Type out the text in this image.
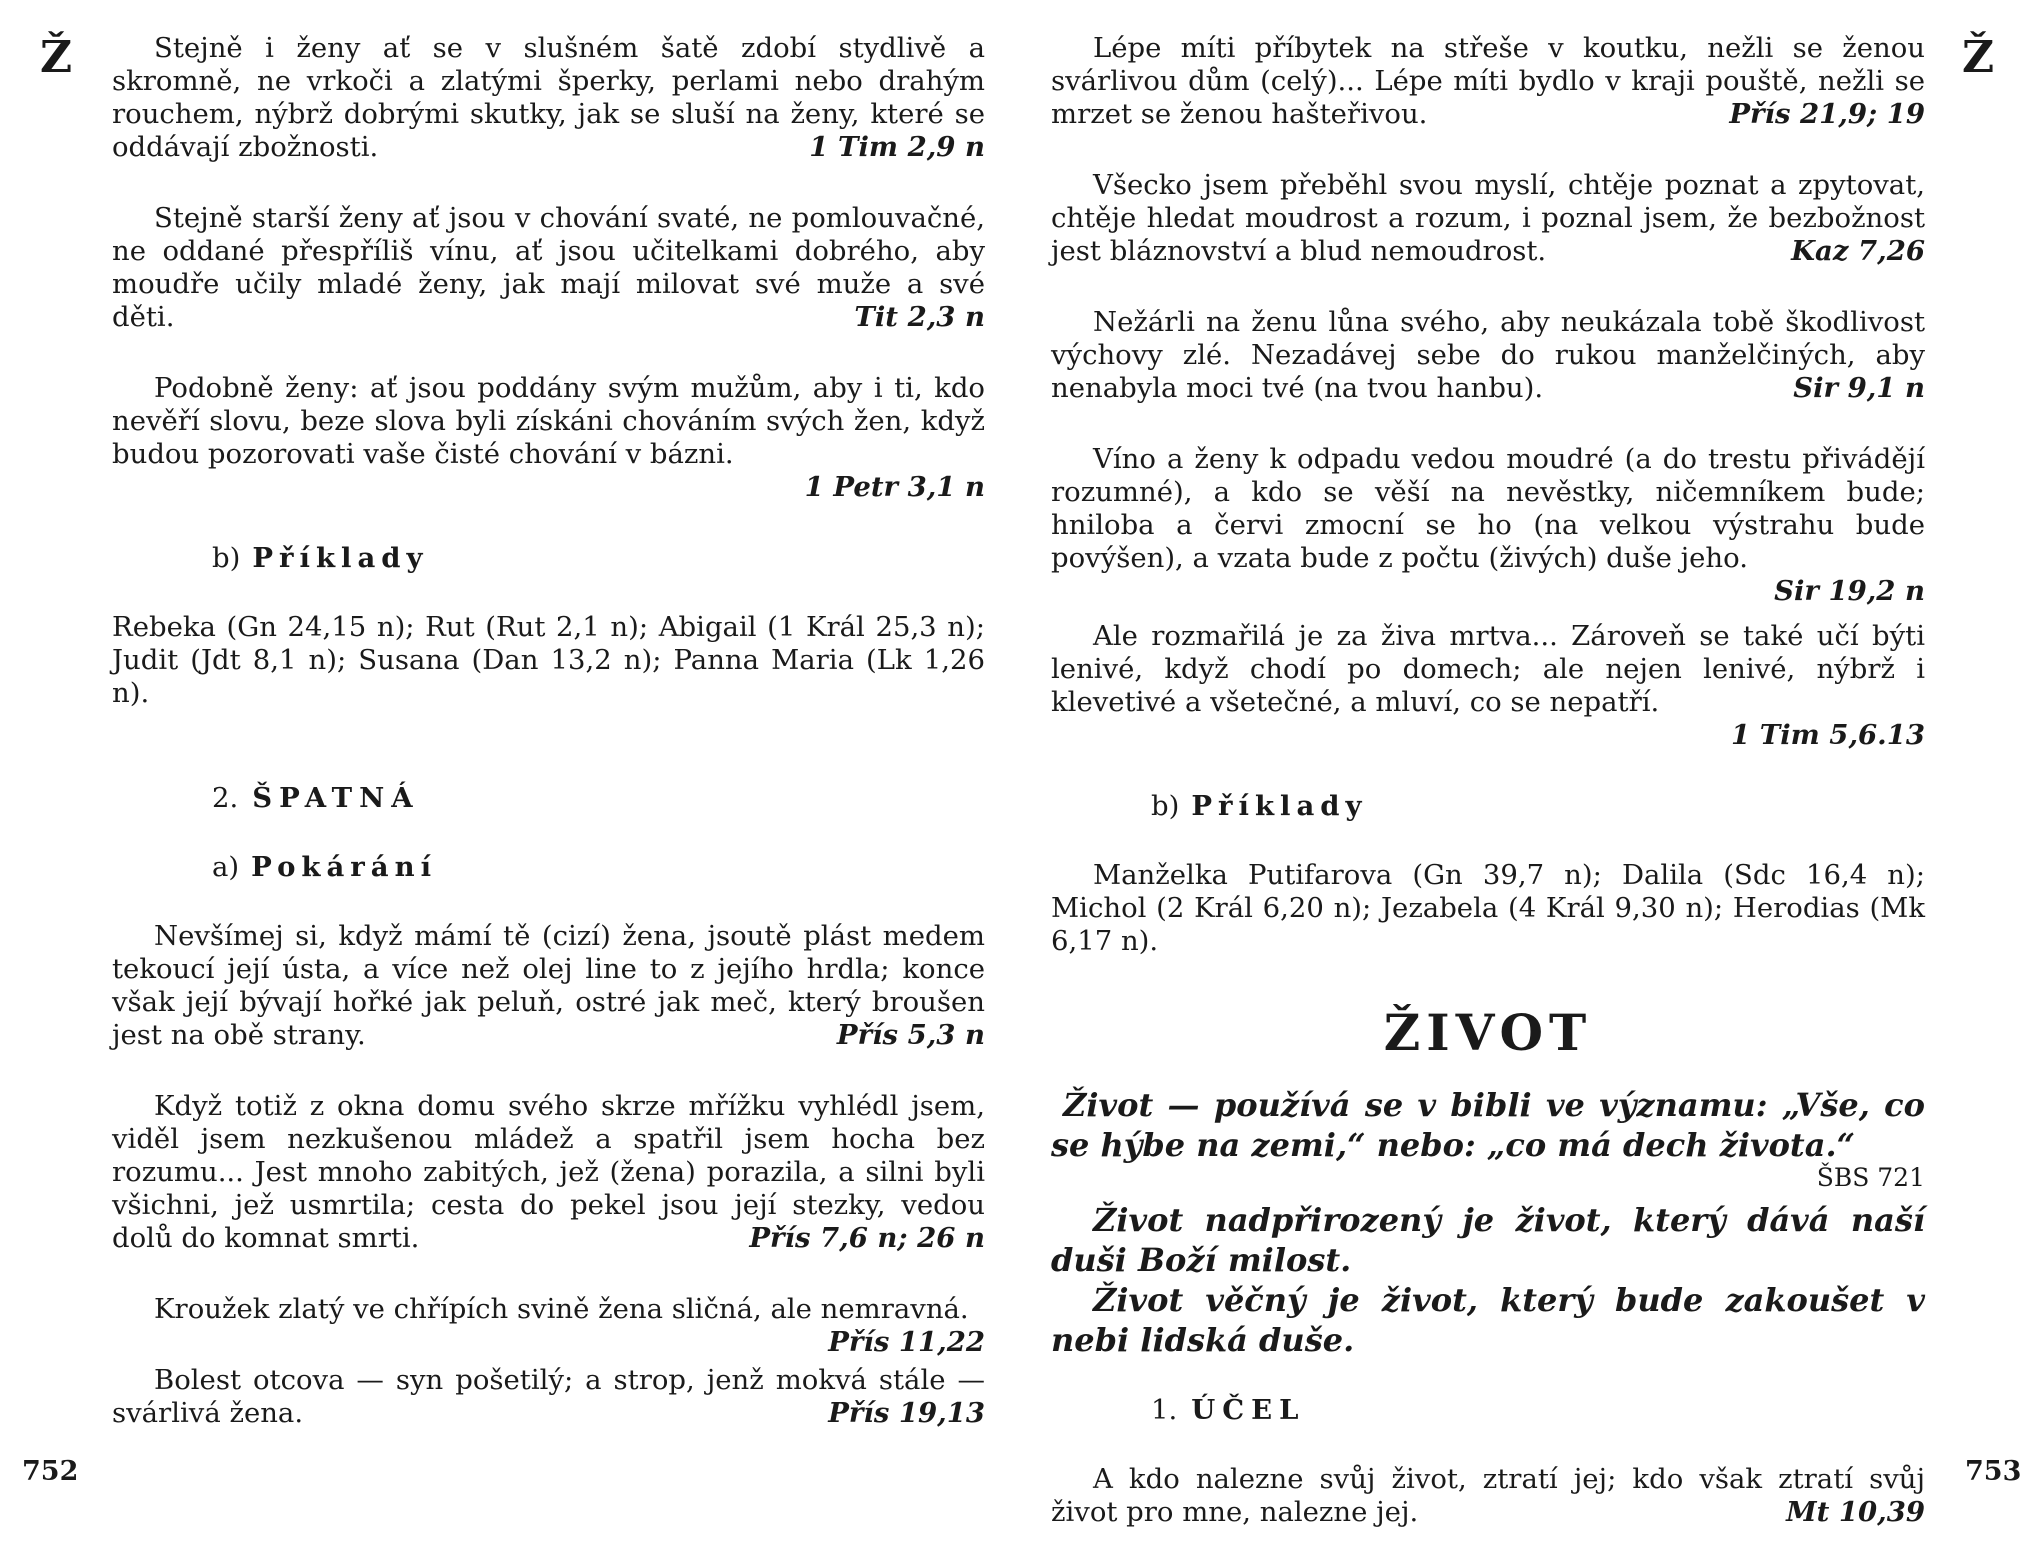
Ž
752

Stejně i ženy ať se v slušném šatě zdobí stydlivě a skromně, ne vrkoči a zlatými šperky, perlami nebo drahým rouchem, nýbrž dobrými skutky, jak se sluší na ženy, které se oddávají zbožnosti.	1 Tim 2,9 n

Stejně starší ženy ať jsou v chování svaté, ne pomlouvačné, ne oddané přespříliš vínu, ať jsou učitelkami dobrého, aby moudře učily mladé ženy, jak mají milovat své muže a své děti.	Tit 2,3 n

Podobně ženy: ať jsou poddány svým mužům, aby i ti, kdo nevěří slovu, beze slova byli získáni chováním svých žen, když budou pozorovati vaše čisté chování v bázni.

1 Petr 3,1 n
b) Příklady
Rebeka (Gn 24,15 n); Rut (Rut 2,1 n); Abigail (1 Král 25,3 n); Judit (Jdt 8,1 n); Susana (Dan 13,2 n); Panna Maria (Lk 1,26 n).
2. ŠPATNÁ
a) Pokárání

Nevšímej si, když mámí tě (cizí) žena, jsoutě plást medem tekoucí její ústa, a více než olej line to z jejího hrdla; konce však její bývají hořké jak peluň, ostré jak meč, který broušen jest na obě strany.	Přís 5,3 n

Když totiž z okna domu svého skrze mřížku vyhlédl jsem, viděl jsem nezkušenou mládež a spatřil jsem hocha bez rozumu... Jest mnoho zabitých, jež (žena) porazila, a silni byli všichni, jež usmrtila; cesta do pekel jsou její stezky, vedou dolů do komnat smrti.	Přís 7,6 n; 26 n

Kroužek zlatý ve chřípích svině žena sličná, ale nemravná.
Přís 11,22

Bolest otcova — syn pošetilý; a strop, jenž mokvá stále — svárlivá žena.	Přís 19,13

Ž
753

Lépe míti příbytek na střeše v koutku, nežli se ženou svárlivou dům (celý)... Lépe míti bydlo v kraji pouště, nežli se mrzet se ženou hašteřivou.	Přís 21,9; 19

Všecko jsem přeběhl svou myslí, chtěje poznat a zpytovat, chtěje hledat moudrost a rozum, i poznal jsem, že bezbožnost jest bláznovství a blud nemoudrost.	Kaz 7,26

Nežárli na ženu lůna svého, aby neukázala tobě škodlivost výchovy zlé. Nezadávej sebe do rukou manželčiných, aby nenabyla moci tvé (na tvou hanbu).	Sir 9,1 n

Víno a ženy k odpadu vedou moudré (a do trestu přivádějí rozumné), a kdo se věší na nevěstky, ničemníkem bude; hniloba a červi zmocní se ho (na velkou výstrahu bude povýšen), a vzata bude z počtu (živých) duše jeho.

Sir 19,2 n

Ale rozmařilá je za živa mrtva... Zároveň se také učí býti lenivé, když chodí po domech; ale nejen lenivé, nýbrž i klevetivé a všetečné, a mluví, co se nepatří.

1 Tim 5,6.13
b) Příklady
Manželka Putifarova (Gn 39,7 n); Dalila (Sdc 16,4 n); Michol (2 Král 6,20 n); Jezabela (4 Král 9,30 n); Herodias (Mk 6,17 n).
ŽIVOT

Život — používá se v bibli ve významu: „Vše, co se hýbe na zemi,“ nebo: „co má dech života.“

ŠBS 721

Život nadpřirozený je život, který dává naší duši Boží milost.

Život věčný je život, který bude zakoušet v nebi lidská duše.

1. ÚČEL

A kdo nalezne svůj život, ztratí jej; kdo však ztratí svůj život pro mne, nalezne jej.	Mt 10,39
